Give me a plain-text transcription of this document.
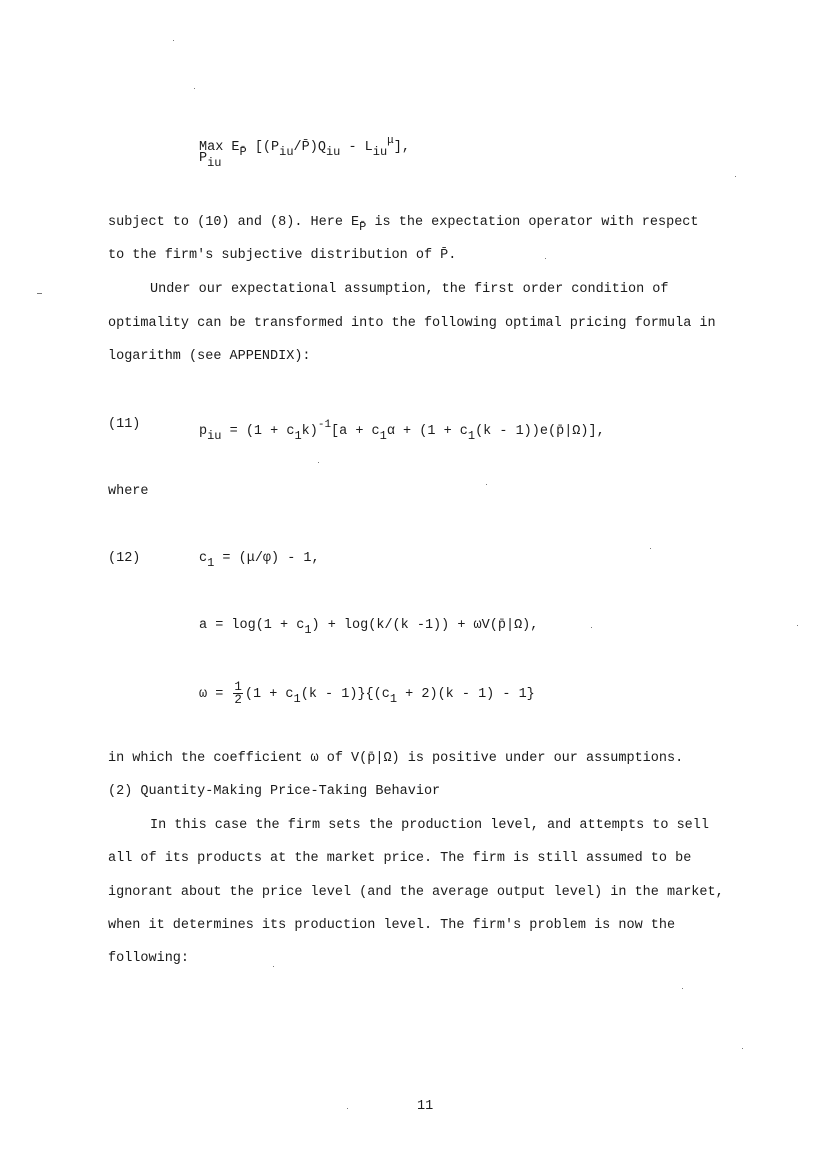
Max EP̄ [(Piu/P̄)Qiu - Liu$^\mu$],
Piu
subject to (10) and (8). Here EP̄ is the expectation operator with respect
to the firm's subjective distribution of P̄.
Under our expectational assumption, the first order condition of
optimality can be transformed into the following optimal pricing formula in
logarithm (see APPENDIX):
(11)	piu = $(1 + c1k)^{-1}[a + c1\alpha + (1 + c1(k$ - 1))e(p̄|Ω)],
where
(12)	c1 = (μ/φ) - 1,
a = log(1 + c1) + log(k/(k -1)) + ωV(p̄|Ω),
$\omega = \frac{1}{2} (1 + c1(k - 1)\}\{(c1 + 2)(k - 1) - 1\}$
in which the coefficient ω of V(p̄|Ω) is positive under our assumptions.
(2) Quantity-Making Price-Taking Behavior
In this case the firm sets the production level, and attempts to sell
all of its products at the market price. The firm is still assumed to be
ignorant about the price level (and the average output level) in the market,
when it determines its production level. The firm's problem is now the
following:
11
